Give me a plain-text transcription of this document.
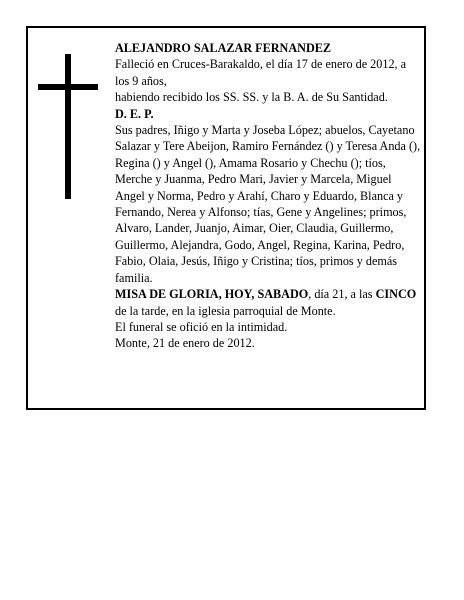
ALEJANDRO SALAZAR FERNANDEZ

Falleció en Cruces-Barakaldo, el día 17 de enero de 2012, a los 9 años,

habiendo recibido los SS. SS. y la B. A. de Su Santidad.

D. E. P.

Sus padres, Iñigo y Marta y Joseba López; abuelos, Cayetano Salazar y Tere Abeijon, Ramiro Fernández () y Teresa Anda (), Regina () y Angel (), Amama Rosario y Chechu (); tíos, Merche y Juanma, Pedro Mari, Javier y Marcela, Miguel Angel y Norma, Pedro y Arahí, Charo y Eduardo, Blanca y Fernando, Nerea y Alfonso; tías, Gene y Angelines; primos, Alvaro, Lander, Juanjo, Aimar, Oier, Claudia, Guillermo, Guillermo, Alejandra, Godo, Angel, Regina, Karina, Pedro, Fabio, Olaia, Jesús, Iñigo y Cristina; tíos, primos y demás familia.

MISA DE GLORIA, HOY, SABADO, día 21, a las CINCO de la tarde, en la iglesia parroquial de Monte.

El funeral se ofició en la intimidad.

Monte, 21 de enero de 2012.
